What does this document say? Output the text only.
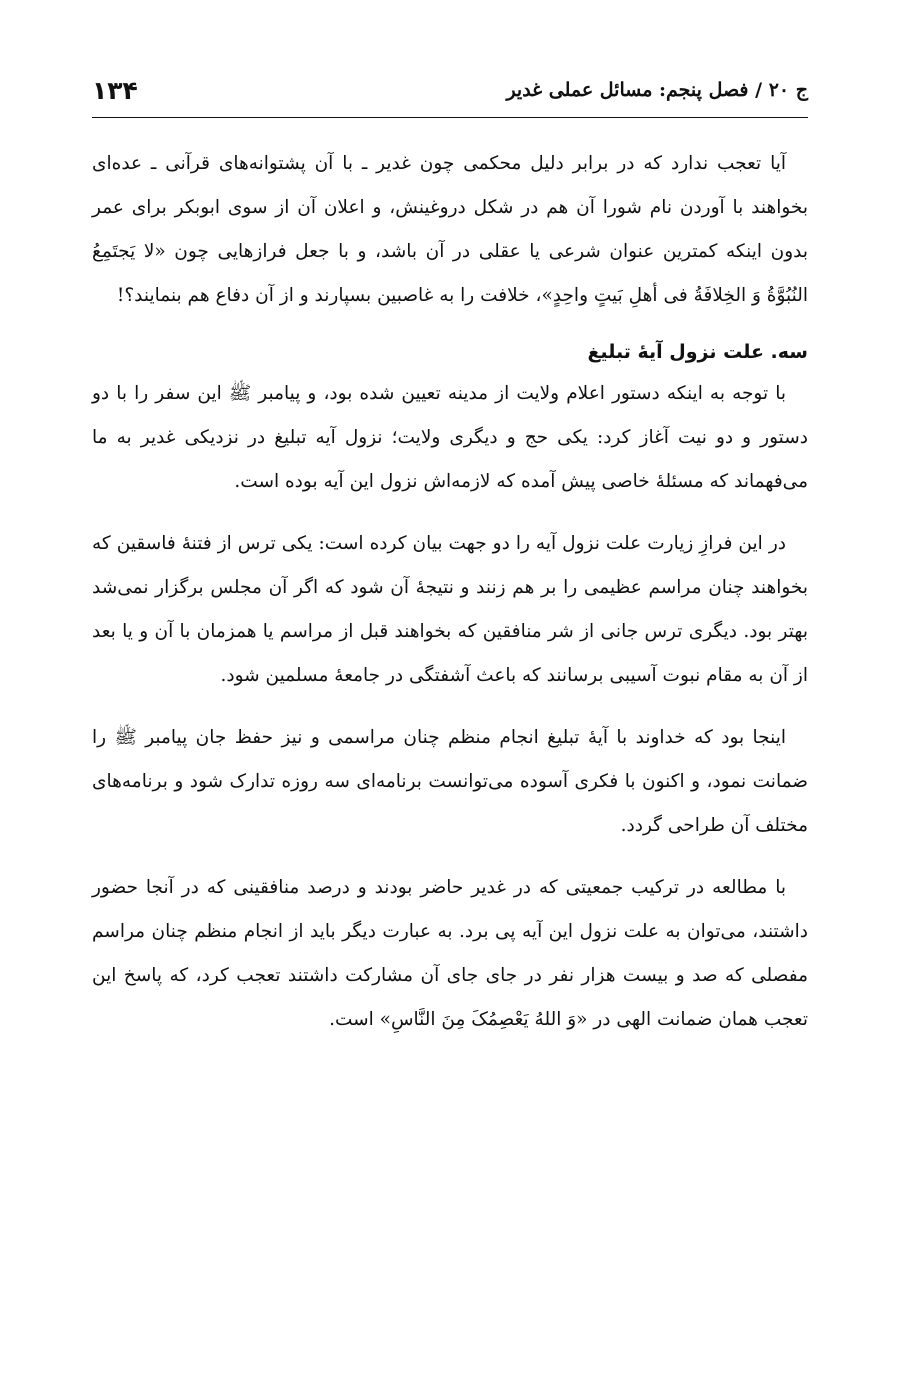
ج ۲۰ / فصل پنجم: مسائل عملی غدیر
۱۳۴

آیا تعجب ندارد که در برابر دلیل محکمی چون غدیر ـ با آن پشتوانه‌های قرآنی ـ عده‌ای بخواهند با آوردن نام شورا آن هم در شکل دروغینش، و اعلان آن از سوی ابوبکر برای عمر بدون اینکه کمترین عنوان شرعی یا عقلی در آن باشد، و با جعل فرازهایی چون «لا یَجتَمِعُ النُبُوَّةُ وَ الخِلافَةُ فی أهلِ بَیتٍ واحِدٍ»، خلافت را به غاصبین بسپارند و از آن دفاع هم بنمایند؟!

سه. علت نزول آیهٔ تبلیغ

با توجه به اینکه دستور اعلام ولایت از مدینه تعیین شده بود، و پیامبر ﷺ این سفر را با دو دستور و دو نیت آغاز کرد: یکی حج و دیگری ولایت؛ نزول آیه تبلیغ در نزدیکی غدیر به ما می‌فهماند که مسئلهٔ خاصی پیش آمده که لازمه‌اش نزول این آیه بوده است.

در این فرازِ زیارت علت نزول آیه را دو جهت بیان کرده است: یکی ترس از فتنهٔ فاسقین که بخواهند چنان مراسم عظیمی را بر هم زنند و نتیجهٔ آن شود که اگر آن مجلس برگزار نمی‌شد بهتر بود. دیگری ترس جانی از شر منافقین که بخواهند قبل از مراسم یا همزمان با آن و یا بعد از آن به مقام نبوت آسیبی برسانند که باعث آشفتگی در جامعهٔ مسلمین شود.

اینجا بود که خداوند با آیهٔ تبلیغ انجام منظم چنان مراسمی و نیز حفظ جان پیامبر ﷺ را ضمانت نمود، و اکنون با فکری آسوده می‌توانست برنامه‌ای سه روزه تدارک شود و برنامه‌های مختلف آن طراحی گردد.

با مطالعه در ترکیب جمعیتی که در غدیر حاضر بودند و درصد منافقینی که در آنجا حضور داشتند، می‌توان به علت نزول این آیه پی برد. به عبارت دیگر باید از انجام منظم چنان مراسم مفصلی که صد و بیست هزار نفر در جای جای آن مشارکت داشتند تعجب کرد، که پاسخ این تعجب همان ضمانت الهی در «وَ اللهُ یَعْصِمُکَ مِنَ النَّاسِ» است.
